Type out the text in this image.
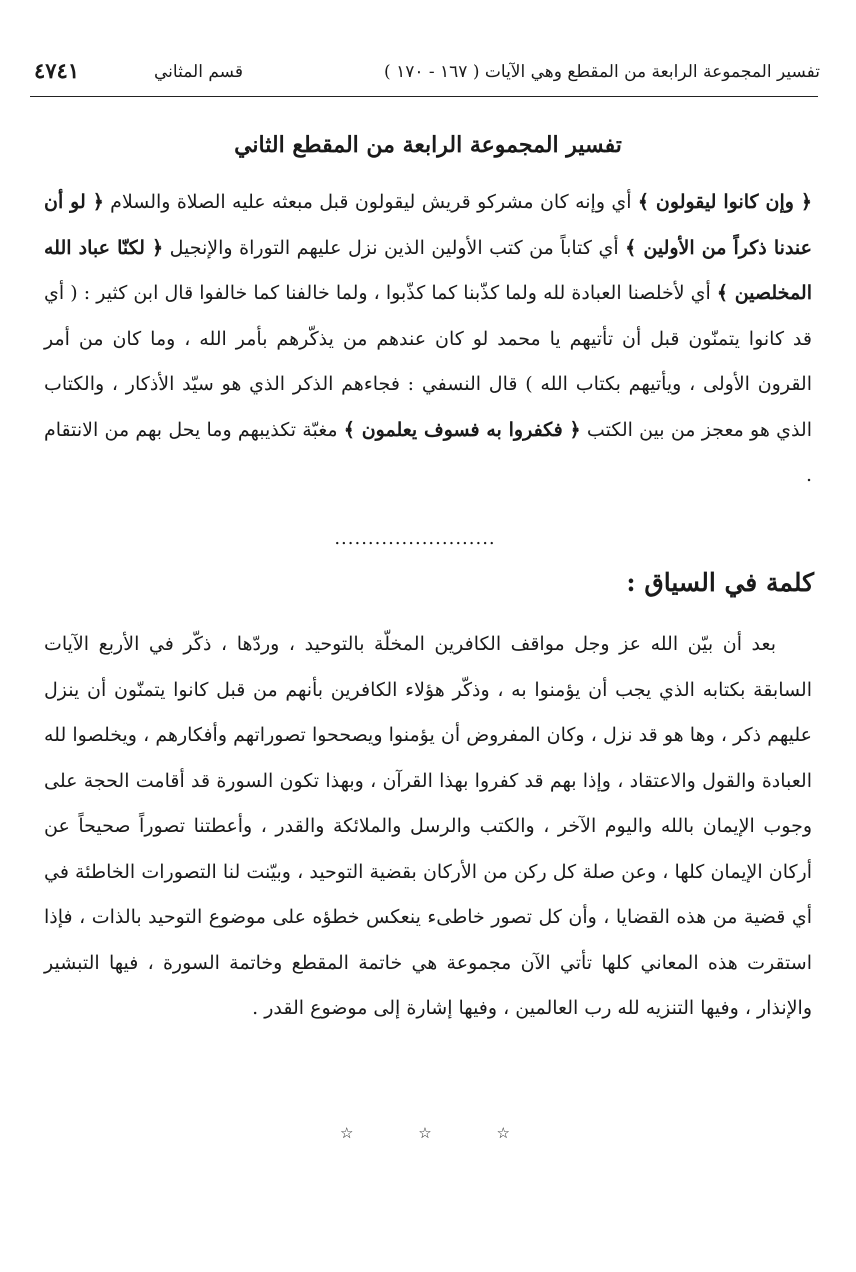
تفسير المجموعة الرابعة من المقطع وهي الآيات ( ١٦٧ - ١٧٠ )
قسم المثاني
٤٧٤١
تفسير المجموعة الرابعة من المقطع الثاني
﴿ وإن كانوا ليقولون ﴾ أي وإنه كان مشركو قريش ليقولون قبل مبعثه عليه الصلاة والسلام ﴿ لو أن عندنا ذكراً من الأولين ﴾ أي كتاباً من كتب الأولين الذين نزل عليهم التوراة والإنجيل ﴿ لكنّا عباد الله المخلصين ﴾ أي لأخلصنا العبادة لله ولما كذّبنا كما كذّبوا ، ولما خالفنا كما خالفوا قال ابن كثير : ( أي قد كانوا يتمنّون قبل أن تأتيهم يا محمد لو كان عندهم من يذكّرهم بأمر الله ، وما كان من أمر القرون الأولى ، ويأتيهم بكتاب الله ) قال النسفي : فجاءهم الذكر الذي هو سيّد الأذكار ، والكتاب الذي هو معجز من بين الكتب ﴿ فكفروا به فسوف يعلمون ﴾ مغبّة تكذيبهم وما يحل بهم من الانتقام .
........................
كلمة في السياق :
بعد أن بيّن الله عز وجل مواقف الكافرين المخلّة بالتوحيد ، وردّها ، ذكّر في الأربع الآيات السابقة بكتابه الذي يجب أن يؤمنوا به ، وذكّر هؤلاء الكافرين بأنهم من قبل كانوا يتمنّون أن ينزل عليهم ذكر ، وها هو قد نزل ، وكان المفروض أن يؤمنوا ويصححوا تصوراتهم وأفكارهم ، ويخلصوا لله العبادة والقول والاعتقاد ، وإذا بهم قد كفروا بهذا القرآن ، وبهذا تكون السورة قد أقامت الحجة على وجوب الإيمان بالله واليوم الآخر ، والكتب والرسل والملائكة والقدر ، وأعطتنا تصوراً صحيحاً عن أركان الإيمان كلها ، وعن صلة كل ركن من الأركان بقضية التوحيد ، وبيّنت لنا التصورات الخاطئة في أي قضية من هذه القضايا ، وأن كل تصور خاطىء ينعكس خطؤه على موضوع التوحيد بالذات ، فإذا استقرت هذه المعاني كلها تأتي الآن مجموعة هي خاتمة المقطع وخاتمة السورة ، فيها التبشير والإنذار ، وفيها التنزيه لله رب العالمين ، وفيها إشارة إلى موضوع القدر .
☆	☆	☆
